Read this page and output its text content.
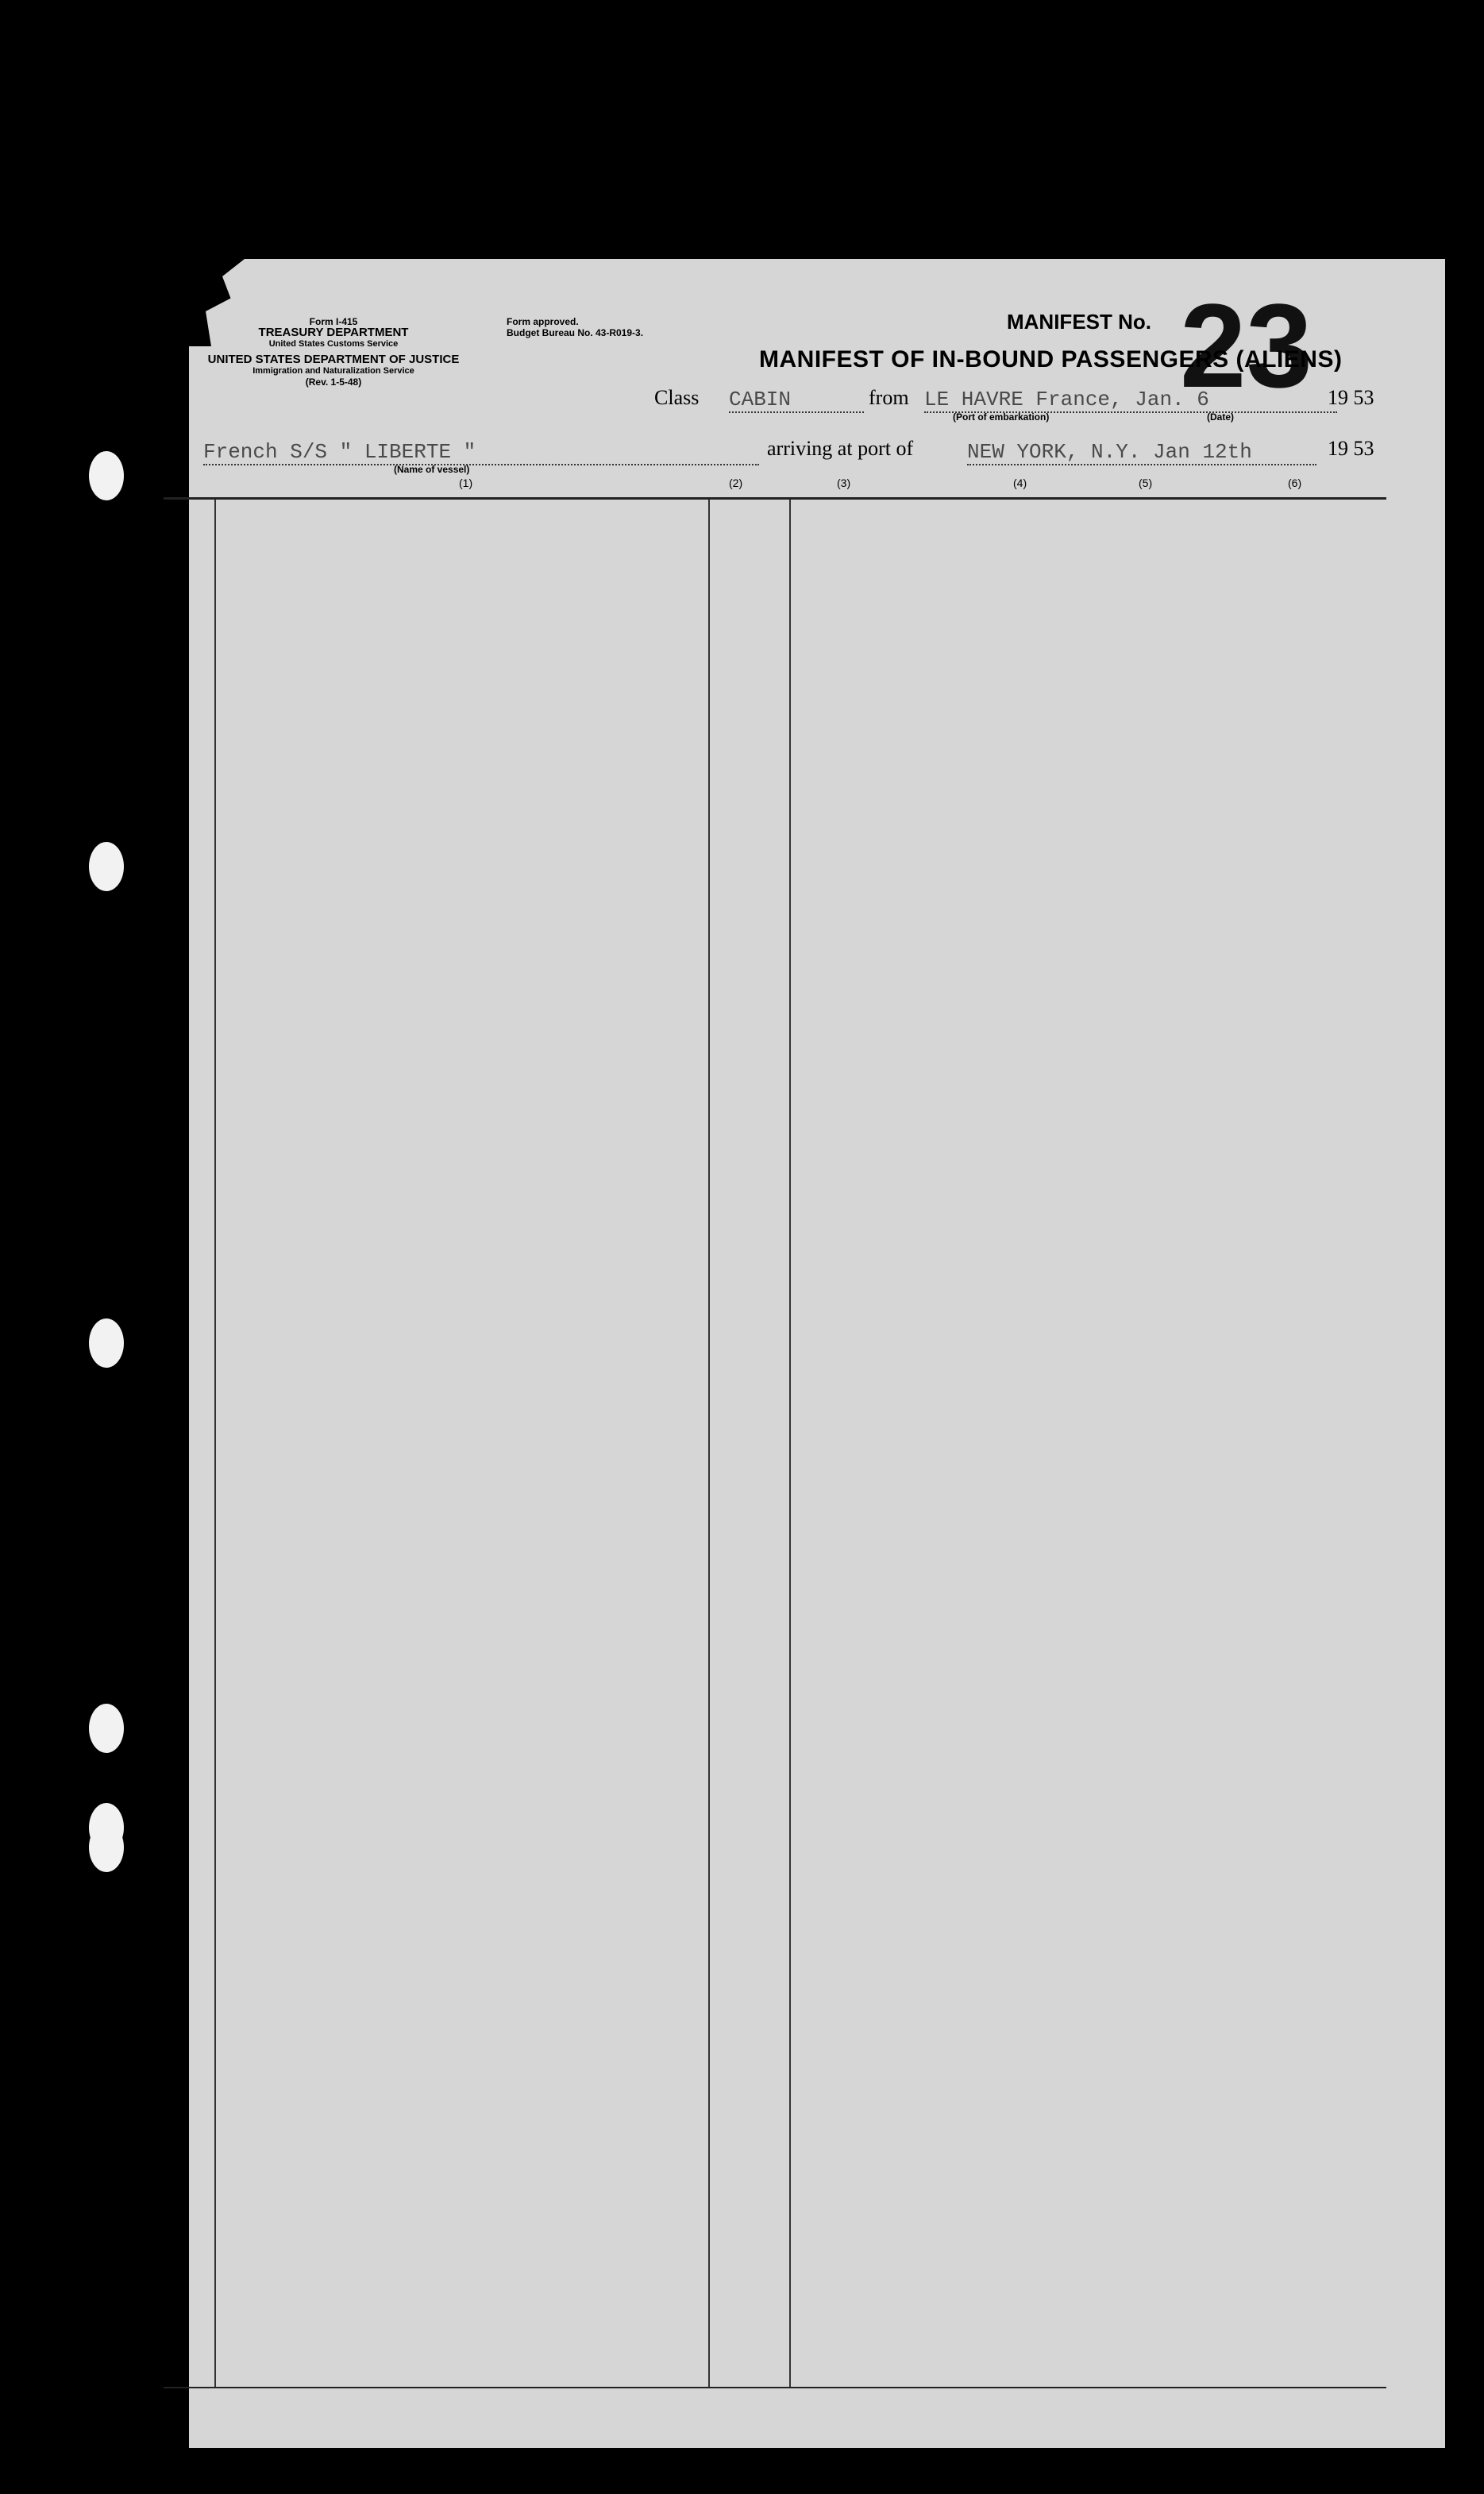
Form I-415
TREASURY DEPARTMENT
United States Customs Service
UNITED STATES DEPARTMENT OF JUSTICE
Immigration and Naturalization Service
(Rev. 1-5-48)
Form approved.
Budget Bureau No. 43-R019-3.	MANIFEST No. 23
MANIFEST OF IN-BOUND PASSENGERS (ALIENS)
Class CABIN	from LE HAVRE France, Jan. 6
(Port of embarkation)	(Date)
19 53
on French S/S " LIBERTE "
(Name of vessel)
arriving at port of	NEW YORK, N.Y. Jan 12th	19 53
(1)	(2)	(3)	(4)	(5)	(6)
